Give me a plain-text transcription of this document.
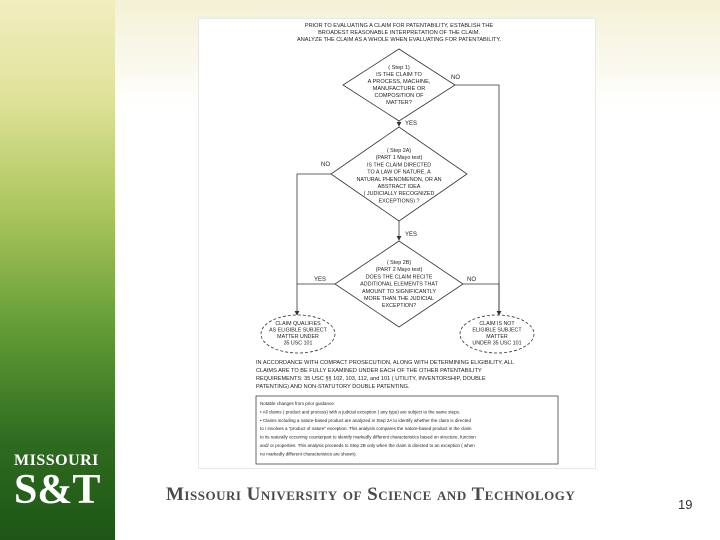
MISSOURI
S&T
PRIOR TO EVALUATING A CLAIM FOR PATENTABILITY, ESTABLISH THE
BROADEST REASONABLE INTERPRETATION OF THE CLAIM.
ANALYZE THE CLAIM AS A WHOLE WHEN EVALUATING FOR PATENTABILITY.
( Step 1)
IS THE CLAIM TO
A PROCESS, MACHINE,
MANUFACTURE OR
COMPOSITION OF
MATTER?
( Step 2A)
(PART 1 Mayo test)
IS THE CLAIM DIRECTED
TO A LAW OF NATURE, A
NATURAL PHENOMENON, OR AN
ABSTRACT IDEA
( JUDICIALLY RECOGNIZED
EXCEPTIONS) ?
( Step 2B)
(PART 2 Mayo test)
DOES THE CLAIM RECITE
ADDITIONAL ELEMENTS THAT
AMOUNT TO SIGNIFICANTLY
MORE THAN THE JUDICIAL
EXCEPTION?
NO
YES
NO
YES
YES	NO
CLAIM QUALIFIES
AS ELIGIBLE SUBJECT
MATTER UNDER
35 USC 101
CLAIM IS NOT
ELIGIBLE SUBJECT
MATTER
UNDER 35 USC 101
IN ACCORDANCE WITH COMPACT PROSECUTION, ALONG WITH DETERMINING ELIGIBILITY, ALL
CLAIMS ARE TO BE FULLY EXAMINED UNDER EACH OF THE OTHER PATENTABILITY
REQUIREMENTS: 35 USC §§ 102, 103, 112, and 101 ( UTILITY, INVENTORSHIP, DOUBLE
PATENTING) AND NON-STATUTORY DOUBLE PATENTING.
Notable changes from prior guidance:
• All claims ( product and process) with a judicial exception ( any type) are subject to the same steps.
• Claims including a nature-based product are analyzed in Step 2A to identify whether the claim is directed
to / involves a "product of nature" exception. This analysis compares the nature-based product in the claim
to its naturally occurring counterpart to identify markedly different characteristics based on structure, function
and/ or properties. This analysis proceeds to Step 2B only when the claim is directed to an exception ( when
no markedly different characteristics are shown).
Missouri University of Science and Technology	19
